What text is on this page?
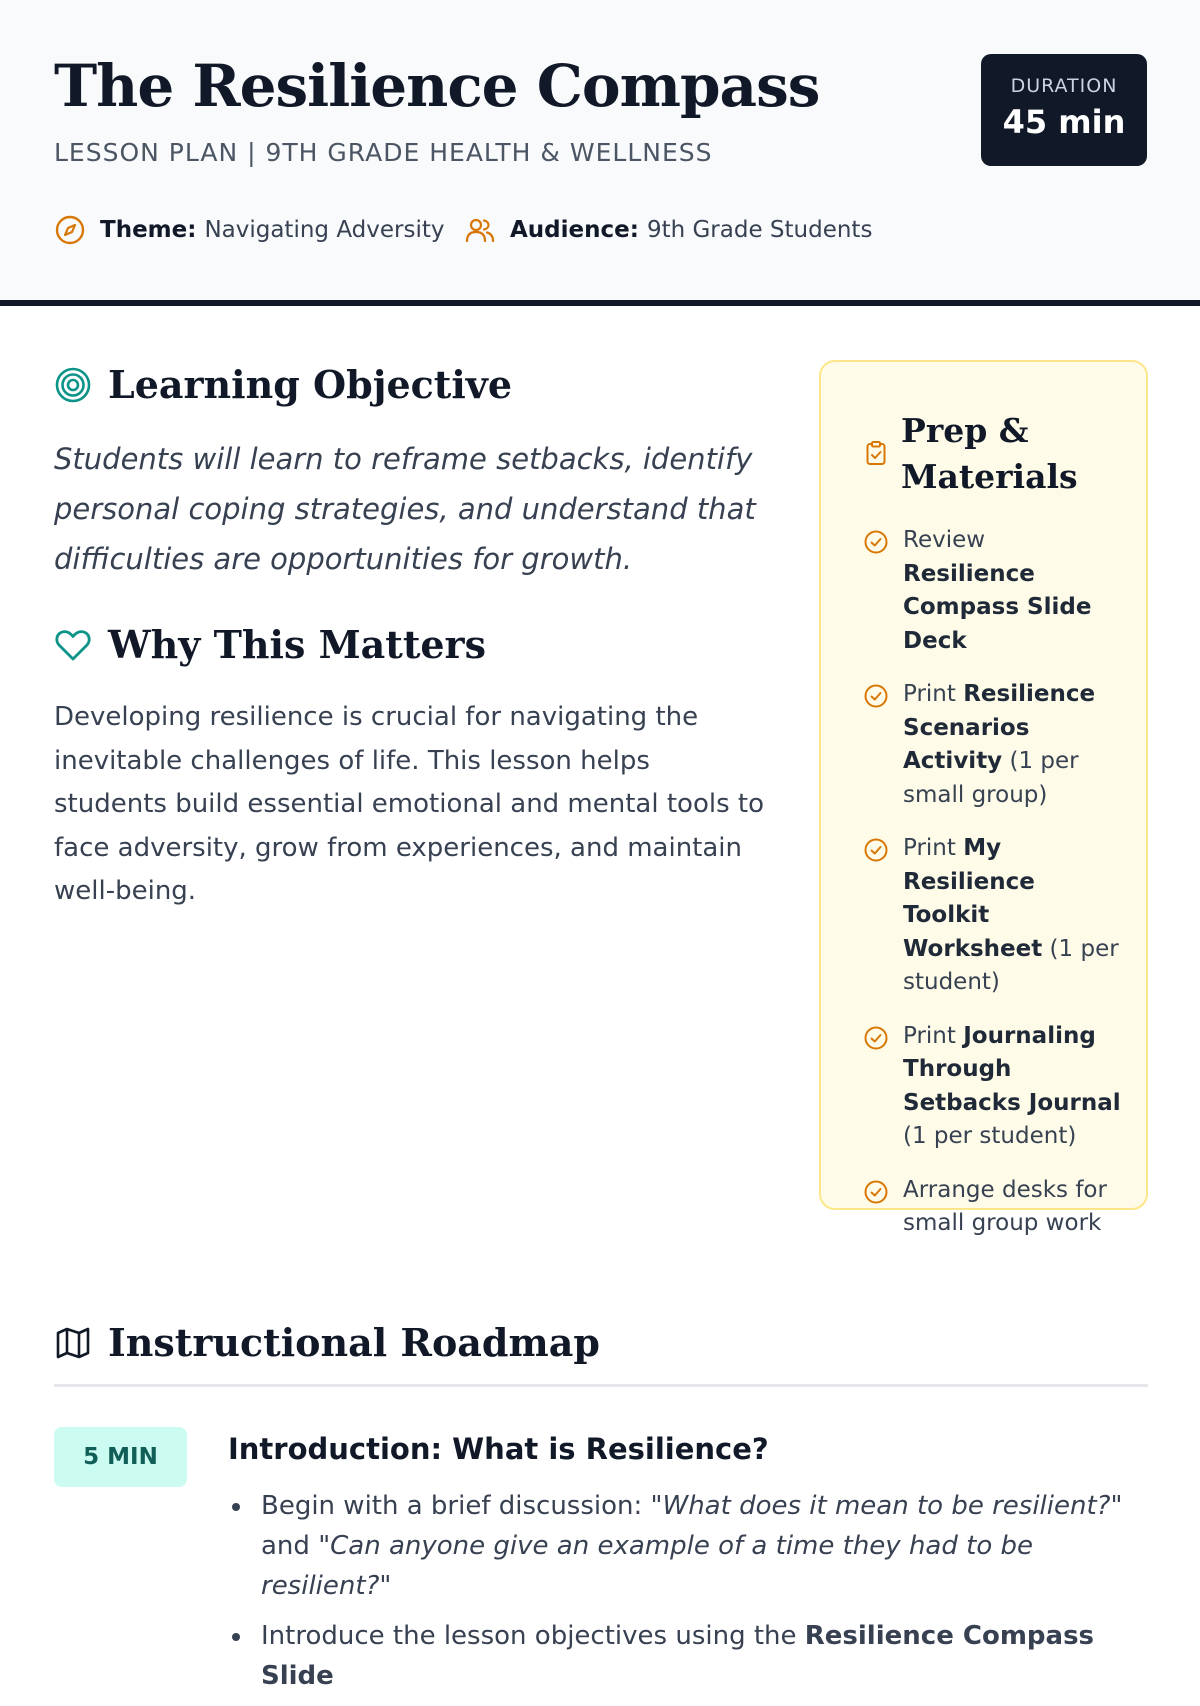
The Resilience Compass
LESSON PLAN | 9TH GRADE HEALTH & WELLNESS
DURATION
45 min
Theme: Navigating Adversity	Audience: 9th Grade Students
Learning Objective
Students will learn to reframe setbacks, identify personal coping strategies, and understand that difficulties are opportunities for growth.
Why This Matters
Developing resilience is crucial for navigating the inevitable challenges of life. This lesson helps students build essential emotional and mental tools to face adversity, grow from experiences, and maintain well-being.
Prep & Materials
Review Resilience Compass Slide Deck
Print Resilience Scenarios Activity (1 per small group)
Print My Resilience Toolkit Worksheet (1 per student)
Print Journaling Through Setbacks Journal (1 per student)
Arrange desks for small group work
Instructional Roadmap
5 MIN	Introduction: What is Resilience?
Begin with a brief discussion: "What does it mean to be resilient?" and "Can anyone give an example of a time they had to be resilient?"
Introduce the lesson objectives using the Resilience Compass Slide
